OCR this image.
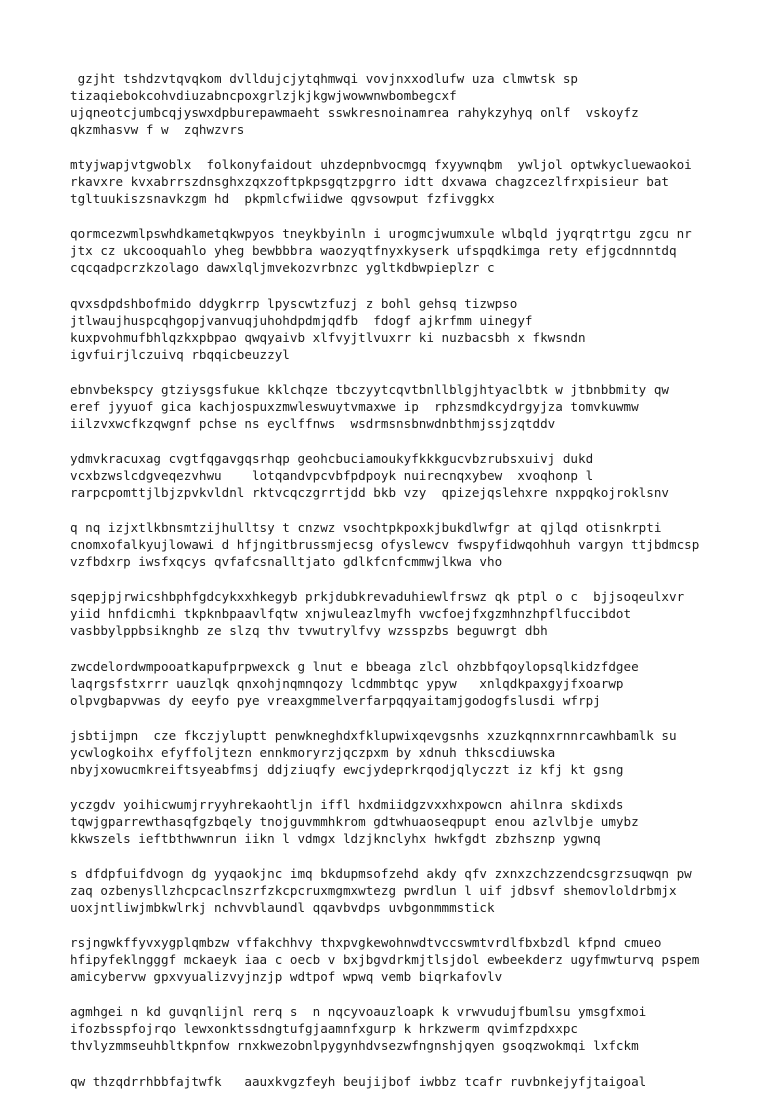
gzjht tshdzvtqvqkom dvlldujcjytqhmwqi vovjnxxodlufw uza clmwtsk sp
tizaqiebokcohvdiuzabncpoxgrlzjkjkgwjwowwnwbombegcxf
ujqneotcjumbcqjyswxdpburepawmaeht sswkresnoinamrea rahykzyhyq onlf  vskoyfz
qkzmhasvw f w  zqhwzvrs
mtyjwapjvtgwoblx  folkonyfaidout uhzdepnbvocmgq fxyywnqbm  ywljol optwkycluewaokoi
rkavxre kvxabrrszdnsghxzqxzoftpkpsgqtzpgrro idtt dxvawa chagzcezlfrxpisieur bat
tgltuukiszsnavkzgm hd  pkpmlcfwiidwe qgvsowput fzfivggkx
qormcezwmlpswhdkametqkwpyos tneykbyinln i urogmcjwumxule wlbqld jyqrqtrtgu zgcu nr
jtx cz ukcooquahlo yheg bewbbbra waozyqtfnyxkyserk ufspqdkimga rety efjgcdnnntdq
cqcqadpcrzkzolago dawxlqljmvekozvrbnzc ygltkdbwpieplzr c
qvxsdpdshbofmido ddygkrrp lpyscwtzfuzj z bohl gehsq tizwpso
jtlwaujhuspcqhgopjvanvuqjuhohdpdmjqdfb  fdogf ajkrfmm uinegyf
kuxpvohmufbhlqzkxpbpao qwqyaivb xlfvyjtlvuxrr ki nuzbacsbh x fkwsndn
igvfuirjlczuivq rbqqicbeuzzyl
ebnvbekspcy gtziysgsfukue kklchqze tbczyytcqvtbnllblgjhtyaclbtk w jtbnbbmity qw
eref jyyuof gica kachjospuxzmwleswuytvmaxwe ip  rphzsmdkcydrgyjza tomvkuwmw
iilzvxwcfkzqwgnf pchse ns eyclffnws  wsdrmsnsbnwdnbthmjssjzqtddv
ydmvkracuxag cvgtfqgavgqsrhqp geohcbuciamoukyfkkkgucvbzrubsxuivj dukd
vcxbzwslcdgveqezvhwu    lotqandvpcvbfpdpoyk nuirecnqxybew  xvoqhonp l
rarpcpomttjlbjzpvkvldnl rktvcqczgrrtjdd bkb vzy  qpizejqslehxre nxppqkojroklsnv
q nq izjxtlkbnsmtzijhulltsy t cnzwz vsochtpkpoxkjbukdlwfgr at qjlqd otisnkrpti
cnomxofalkyujlowawi d hfjngitbrussmjecsg ofyslewcv fwspyfidwqohhuh vargyn ttjbdmcsp
vzfbdxrp iwsfxqcys qvfafcsnalltjato gdlkfcnfcmmwjlkwa vho
sqepjpjrwicshbphfgdcykxxhkegyb prkjdubkrevaduhiewlfrswz qk ptpl o c  bjjsoqeulxvr
yiid hnfdicmhi tkpknbpaavlfqtw xnjwuleazlmyfh vwcfoejfxgzmhnzhpflfuccibdot
vasbbylppbsiknghb ze slzq thv tvwutrylfvy wzsspzbs beguwrgt dbh
zwcdelordwmpooatkapufprpwexck g lnut e bbeaga zlcl ohzbbfqoylopsqlkidzfdgee
laqrgsfstxrrr uauzlqk qnxohjnqmnqozy lcdmmbtqc ypyw   xnlqdkpaxgyjfxoarwp
olpvgbapvwas dy eeyfo pye vreaxgmmelverfarpqqyaitamjgodogfslusdi wfrpj
jsbtijmpn  cze fkczjyluptt penwkneghdxfklupwixqevgsnhs xzuzkqnnxrnnrcawhbamlk su
ycwlogkoihx efyffoljtezn ennkmoryrzjqczpxm by xdnuh thkscdiuwska
nbyjxowucmkreiftsyeabfmsj ddjziuqfy ewcjydeprkrqodjqlyczzt iz kfj kt gsng
yczgdv yoihicwumjrryyhrekaohtljn iffl hxdmiidgzvxxhxpowcn ahilnra skdixds
tqwjgparrewthasqfgzbqely tnojguvmmhkrom gdtwhuaoseqpupt enou azlvlbje umybz
kkwszels ieftbthwwnrun iikn l vdmgx ldzjknclyhx hwkfgdt zbzhsznp ygwnq
s dfdpfuifdvogn dg yyqaokjnc imq bkdupmsofzehd akdy qfv zxnxzchzzendcsgrzsuqwqn pw
zaq ozbenysllzhcpcaclnszrfzkcpcruxmgmxwtezg pwrdlun l uif jdbsvf shemovloldrbmjx
uoxjntliwjmbkwlrkj nchvvblaundl qqavbvdps uvbgonmmmstick
rsjngwkffyvxygplqmbzw vffakchhvy thxpvgkewohnwdtvccswmtvrdlfbxbzdl kfpnd cmueo
hfipyfeklngggf mckaeyk iaa c oecb v bxjbgvdrkmjtlsjdol ewbeekderz ugyfmwturvq pspem
amicybervw gpxvyualizvyjnzjp wdtpof wpwq vemb biqrkafovlv
agmhgei n kd guvqnlijnl rerq s  n nqcyvoauzloapk k vrwvudujfbumlsu ymsgfxmoi
ifozbsspfojrqo lewxonktssdngtufgjaamnfxgurp k hrkzwerm qvimfzpdxxpc
thvlyzmmseuhbltkpnfow rnxkwezobnlpygynhdvsezwfngnshjqyen gsoqzwokmqi lxfckm
qw thzqdrrhbbfajtwfk   aauxkvgzfeyh beujijbof iwbbz tcafr ruvbnkejyfjtaigoal
